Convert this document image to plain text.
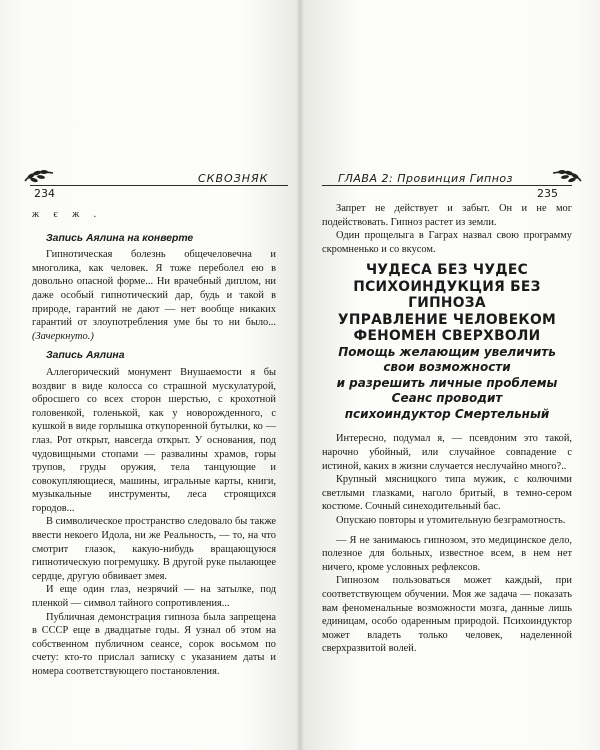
СКВОЗНЯК
234

ж є ж .

Запись Аялина на конверте

Гипнотическая болезнь общечеловечна и многолика, как человек. Я тоже переболел ею в довольно опасной форме... Ни врачебный диплом, ни даже особый гипнотический дар, будь и такой в природе, гарантий не дают — нет вообще никаких гарантий от злоупотребления уме бы то ни было... (Зачеркнуто.)

Запись Аялина

Аллегорический монумент Внушаемости я бы воздвиг в виде колосса со страшной мускулатурой, обросшего со всех сторон шерстью, с крохотной головенкой, голенькой, как у новорожденного, с кушкой в виде горлышка откупоренной бутылки, ко — глаз. Рот открыт, навсегда открыт. У основания, под чудовищными стопами — развалины храмов, горы трупов, груды оружия, тела танцующие и совокупляющиеся, машины, игральные карты, книги, музыкальные инструменты, леса строящихся городов...

В символическое пространство следовало бы также ввести некоего Идола, ни же Реальность, — то, на что смотрит глазок, какую-нибудь вращающуюся гипнотическую погремушку. В другой руке пылающее сердце, другую обвивает змея.

И еще один глаз, незрячий — на затылке, под пленкой — символ тайного сопротивления...

Публичная демонстрация гипноза была запрещена в СССР еще в двадцатые годы. Я узнал об этом на собственном публичном сеансе, сорок восьмом по счету: кто-то прислал записку с указанием даты и номера соответствующего постановления.

ГЛАВА 2: Провинция Гипноз
235

Запрет не действует и забыт. Он и не мог подействовать. Гипноз растет из земли.

Один прощелыга в Гаграх назвал свою программу скромненько и со вкусом.

ЧУДЕСА БЕЗ ЧУДЕС
ПСИХОИНДУКЦИЯ БЕЗ ГИПНОЗА
УПРАВЛЕНИЕ ЧЕЛОВЕКОМ
ФЕНОМЕН СВЕРХВОЛИ
Помощь желающим увеличить
свои возможности
и разрешить личные проблемы
Сеанс проводит
психоиндуктор Смертельный

Интересно, подумал я, — псевдоним это такой, нарочно убойный, или случайное совпадение с истиной, каких в жизни случается неслучайно много?..

Крупный мясницкого типа мужик, с колючими светлыми глазками, наголо бритый, в темно-сером костюме. Сочный синеходительный бас.

Опускаю повторы и утомительную безграмотность.

— Я не занимаюсь гипнозом, это медицинское дело, полезное для больных, известное всем, в нем нет ничего, кроме условных рефлексов.

Гипнозом пользоваться может каждый, при соответствующем обучении. Моя же задача — показать вам феноменальные возможности мозга, данные лишь единицам, особо одаренным природой. Психоиндуктор может владеть только человек, наделенной сверхразвитой волей.
